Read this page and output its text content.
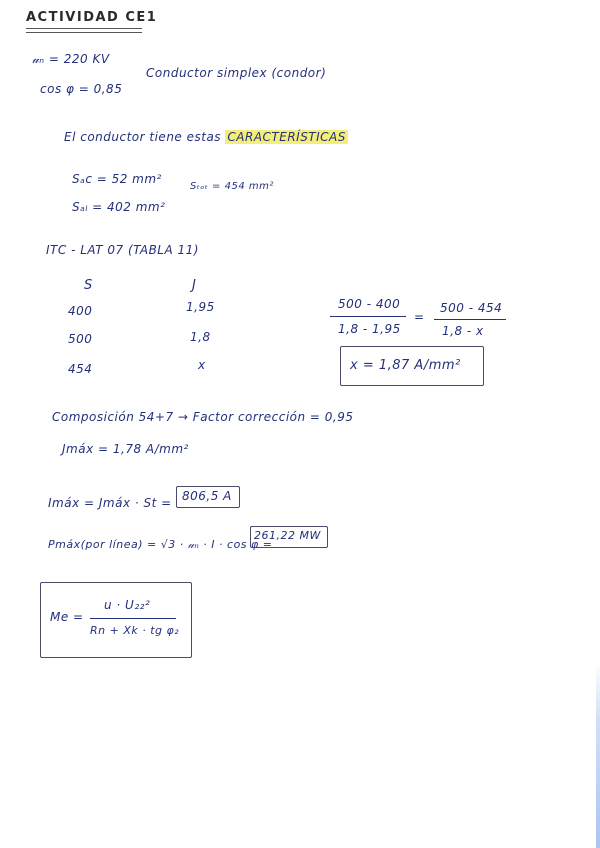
ACTIVIDAD CE1
𝓊ₙ = 220 KV
cos φ = 0,85
Conductor simplex (condor)
El conductor tiene estas CARACTERÍSTICAS
Sₐc = 52 mm²
Sₐₗ = 402 mm²
Sₜₒₜ = 454 mm²
ITC - LAT 07 (TABLA 11)
S	J
400	1,95
500	1,8
454	x
500 - 400
1,8 - 1,95
=
500 - 454
1,8 - x
x = 1,87 A/mm²
Composición 54+7 → Factor corrección = 0,95
Jmáx = 1,78 A/mm²
Imáx = Jmáx · St = 806,5 A
Pmáx(por línea) = √3 · 𝓊ₙ · I · cos φ =
261,22 MW
Me =
u · U₂₂²
Rn + Xk · tg φ₂
